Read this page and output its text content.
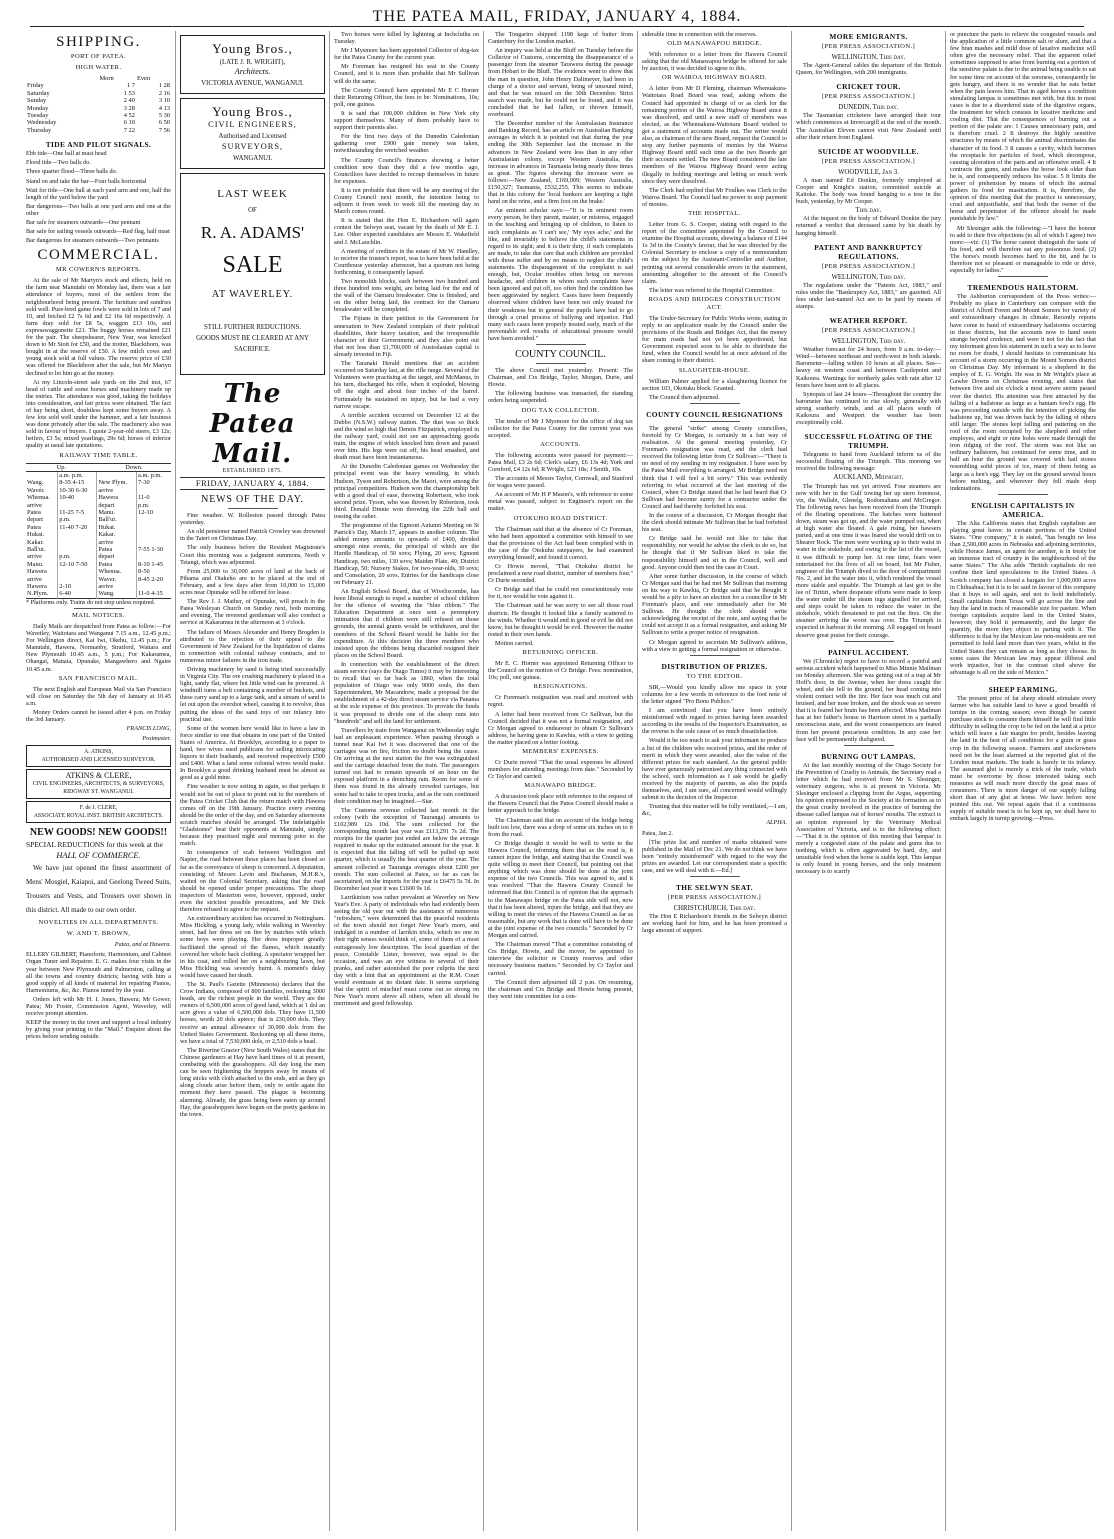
THE PATEA MAIL, FRIDAY, JANUARY 4, 1884.
SHIPPING.
PORT OF PATEA.
HIGH WATER.
	Morn	Even
Friday	1 7	1 28
Saturday	1 53	2 16
Sunday	2 40	3 10
Monday	3 28	4 13
Tuesday	4 52	5 30
Wednesday	6 10	6 50
Thursday	7 22	7 56
TIDE AND PILOT SIGNALS.

Ebb tide—One ball at mast head

Flood tide—Two balls do.

Three quarter flood—Three balls do.

Stand on and take the bar—Four balls horizontal

Wait for tide—One ball at each yard arm and one, half the length of the yard below the yard

Bar dangerous—Two balls at one yard arm and one at the other

Bar safe for steamers outwards—One pennant

Bar safe for sailing vessels outwards—Red flag, half mast

Bar dangerous for steamers outwards—Two pennants

COMMERCIAL.
MR COWERN'S REPORTS.

At the sale of Mr Martyn's stock and effects, held on the farm near Manutahi on Monday last, there was a fair attendance of buyers, most of the settlers from the neighbourhood being present. The furniture and sundries sold well. Pure-bred game fowls were sold in lots of 7 and 10, and fetched £2 7s 6d and £2 16s 6d respectively. A farm dray sold for £8 5s, waggon £13 10s, and expresswaggonette £21. The buggy horses remained £21 for the pair. The sheepshearer, New Year, was knocked down to Mr Stott for £50, and the trotter, Blackthorn, was bought in at the reserve of £50. A few milch cows and young stock sold at full values. The reserve price of £30 was offered for Blackthorn after the sale, but Mr Martyn declined to let him go at the money.

At my Lincoln-street sale yards on the 2nd inst, 67 head of cattle and some horses and machinery made up the entries. The attendance was good, taking the holidays into consideration, and fair prices were obtained. The fact of hay being short, doubtless kept some buyers away. A few lots sold well under the hammer, and a fair business was done privately after the sale. The machinery also was sold in favour of buyers. I quote 2-year-old steers, £3 12s; heifers, £3 5s; mixed yearlings, 29s 6d; horses of inferior quality at usual late quotations.

RAILWAY TIME TABLE.
Up.		Down.	
	a.m. p.m.		a.m. p.m.
Wang.	8-35 4-15	New Plym.	7-30
Wavér.	10-30 6-30	arrive	
Whenua.	10-40	Hawera	11-0
arrive		depart	p.m.
Patea	11-25 7-5	Manu.	12-10
depart	p.m.	Ball'ui.	
Patea	11-40 7-20	Hukat.	
Hukat.		Kakar.	
Kakar.		arrive	
Ball'ui.		Patea	7-55 1-30
arrive	p.m.	depart	
Manu.	12-10 7-50	Patea	8-10 1-45
Hawera		Whenua.	8-50
arrive		Waver.	8-45 2-20
Hawera	2-10	arrive	
N.Plym.	6-40	Wang.	11-0 4-35

* Platforms only. Trains do not stop unless required.

MAIL NOTICES.

Daily Mails are despatched from Patea as follow:—For Wavetley, Waitotara and Wanganui 7.15 a.m., 12.45 p.m.; For Wellington direct, Kai Iwi, Okehu, 12.45 p.m.; For Manutahi, Hawera, Normanby, Stratford, Waitara and New Plymouth 10.45 a.m., 5 p.m.; For Kakaramea, Ohangai, Manaia, Opunake, Mangawhero and Ngaire 10.45 a.m.

SAN FRANCISCO MAIL.

The next English and European Mail via San Francisco will close on Saturday the 5th day of January at 10.45 a.m.

Money Orders cannot be issued after 4 p.m. on Friday the 3rd January.

FRANCIS LONG,
Postmaster.
A. ATKINS,
AUTHORISED AND LICENSED SURVEYOR.
ATKINS & CLERE,
CIVIL ENGINEERS, ARCHITECTS, & SURVEYORS,
RIDGWAY ST. WANGANUI.
F. de J. CLERE,
ASSOCIATE ROYAL INST. BRITISH ARCHITECTS.
NEW GOODS! NEW GOODS!!

SPECIAL REDUCTIONS for this week at the

HALL OF COMMERCE.

We have just opened the finest assortment of Mens' Mosgiel, Kaiapoi, and Geelong Tweed Suits, Trousers and Vests, and Trousers over shown in this district. All made to our own order.

NOVELTIES IN ALL DEPARTMENTS.
W. AND T. BROWN,
Patea, and at Hawera.

ELLERY GILBERT, Pianoforte, Harmonium, and Cabinet Organ Tuner and Repairer. E. G. makes four visits in the year between New Plymouth and Palmerston, calling at all the towns and country districts; having with him a good supply of all kinds of material for repairing Pianos, Harmoniums, &c, &c. Pianos tuned by the year.

Orders left with Mr H. I. Jones, Hawera; Mr Gower, Patea; Mr Foster, Commission Agent, Waverley, will receive prompt attention.

KEEP the money in the town and support a local industry by giving your printing to the "Mail." Enquire about the prices before sending outside.

Young Bros.,
(LATE J. R. WRIGHT),
Architects.
VICTORIA AVENUE, WANGANUI.
Young Bros.,
CIVIL ENGINEERS,
Authorised and Licensed
SURVEYORS,
WANGANUI.
LAST WEEK
OF
R. A. ADAMS'
SALE
AT WAVERLEY.
STILL FURTHER REDUCTIONS.
GOODS MUST BE CLEARED AT ANY
SACRIFICE.
The Patea Mail.
ESTABLISHED 1875.
FRIDAY, JANUARY 4, 1884.
NEWS OF THE DAY.

Fine weather. W. Rolleston passed through Patea yesterday.

An old pensioner named Patrick Crowley was drowned in the Taieri on Christmas Day.

The only business before the Resident Magistrate's Court this morning was a judgment summons, North v Tetangi, which was adjourned.

From 25,000 to 30,000 acres of land at the back of Pihama and Otakeho are to be placed at the end of February, and a few days after from 10,000 to 15,000 acres near Opunake will be offered for lease.

The Rev J. J. Mather, of Opunake, will preach in the Patea Wesleyan Church on Sunday next, both morning and evening. The reverend gentleman will also conduct a service at Kakaramea in the afternoon at 3 o'clock.

The failure of Messrs Alexander and Henry Brogden is attributed to the rejection of their appeal to the Government of New Zealand for the liquidation of claims in connection with colonial railway contracts, and to numerous minor failures in the iron trade.

Driving machinery by sand is being tried successfully in Virginia City. The ore crushing machinery is placed in a light, sandy flat, where hot little wind can be procured. A windmill turns a belt containing a number of buckets, and these carry sand up to a large tank, and a stream of sand is let out upon the overshot wheel, causing it to revolve, thus putting the ideas of the sand toys of our infancy into practical use.

Some of the women here would like to have a law in force similar to one that obtains in one part of the United States of America. At Brooklyn, according to a paper to hand, two wives sued publicans for selling intoxicating liquors to their husbands, and received respectively £500 and £400. What a land some colonial wives would make. In Brooklyn a good drinking husband must be almost as good as a gold mine.

Fine weather is now setting in again, so that perhaps it would not be out of place to point out to the members of the Patea Cricket Club that the return match with Hawera comes off on the 19th January. Practice every evening should be the order of the day, and on Saturday afternoons scratch matches should be arranged. The indefatigable "Gladstones" beat their opponents at Manutahi, simply because they practised night and morning prior to the match.

In consequence of scab between Wellington and Napier, the road between those places has been closed so far as the conveyance of sheep is concerned. A deputation, consisting of Messrs Levin and Buchanan, M.H.R.'s, waited on the Colonial Secretary, asking that the road should be opened under proper precautions. The sheep inspectors of Masterton were, however, opposed, under even the strictest possible precautions, and Mr Dick therefore refused to agree to the request.

An extraordinary accident has occurred in Nottingham. Miss Hickling, a young lady, while walking in Waverley street, had her dress set on fire by matches with which some boys were playing. Her dress improper greatly facilitated the spread of the flames, which instantly covered her whole back clothing. A spectator wrapped her in his coat, and rolled her on a neighbouring lawn, but Miss Hickling was severely burnt. A moment's delay would have caused her death.

The St. Paul's Gazette (Minnesota) declares that the Crow Indians, composed of 800 families, reckoning 3000 heads, are the richest people in the world. They are the owners of 6,500,000 acres of good land, which at 1 dol an acre gives a value of 6,500,000 dols. They have 11,500 horses, worth 20 dols apiece; that is 230,000 dols. They receive an annual allowance of 30,000 dols from the United States Government. Reckoning up all these items, we have a total of 7,530,000 dols, or 2,510 dols a head.

The Riverine Grazier (New South Wales) states that the Chinese gardeners at Hay have hard times of it at present, combating with the grasshoppers. All day long the men can be seen frightening the hoppers away by means of long sticks with cloth attached to the ends, and as they go along clouds arise before them, only to settle again the moment they have passed. The plague is becoming alarming. Already, the grass being been eaten up around Hay, the grasshoppers have begun on the pretty gardens in the town.

Two horses were killed by lightning at Inchclutha on Tuesday.

Mr J Mysmore has been appointed Collector of dog-tax for the Patea County for the current year.

Mr Foreman has resigned his seat in the County Council, and it is more than probable that Mr Sullivan will do the same.

The County Council have appointed Mr E C Horner their Returning Officer, the fees to be: Nominations, 10s; poll, one guinea.

It is said that 100,000 children in New York city support themselves. Many of them probably have to support their parents also.

For the first two days of the Dunedin Caledonian gathering over £900 gate money was taken, notwithstanding the wretched weather.

The County Council's finances showing a better condition now than they did a few months ago, Councillors have decided to recoup themselves in future for expenses.

It is not probable that there will be any meeting of the County Council next month, the intention being to adjourn it from week to week till the meeting day in March comes round.

It is stated that the Hon E. Richardson will again contest the Selwyn seat, vacant by the death of Mr E. J. Lee. Other expected candidates are Messrs E. Wakefield and J. McLauchlin.

A meeting of creditors in the estate of Mr W. Handley, to receive the trustee's report, was to have been held at the Courthouse yesterday afternoon, but a quorum not being forthcoming, it consequently lapsed.

Two monolith blocks, each between two hundred and three hundred tons weight, are being laid for the end of the wall of the Oamaru breakwater. One is finished, and on the other being laid, the contract for the Oamaru breakwater will be completed.

The Fijians in their petition to the Government for annexation to New Zealand complain of their political disabilities, their heavy taxation, and the irresponsible character of their Government; and they also point out that not less than £1,700,000 of Australasian capital is already invested in Fiji.

The Taranaki Herald mentions that an accident occurred on Saturday last, at the rifle range. Several of the Volunteers were practising at the target, and McManus, in his turn, discharged his rifle, when it exploded, blowing off the sight and about four inches of the barrel. Fortunately he sustained no injury, but he had a very narrow escape.

A terrible accident occurred on December 12 at the Dubbo (N.S.W.) railway station. The dust was so thick and the wind so high that Dennis Fitzpatrick, employed in the railway yard, could not see an approaching goods train, the engine of which knocked him down and passed over him. His legs were cut off, his head smashed, and death must have been instantaneous.

At the Dunedin Caledonian games on Wednesday the principal event was the heavy wrestling, in which Hudson, Tyson and Robertson, the Maori, were among the principal competitors. Hudson won the championship belt with a good deal of ease, throwing Robertson, who took second prize. Tyson, who was thrown by Robertson, took third. Donald Dinnie won throwing the 22lb ball and tossing the caber.

The programme of the Egmont Autumn Meeting on St Patrick's Day, March 17, appears in another column. The added money amounts to upwards of £400, divided amongst nine events, the principal of which are the Hurdle Handicap, of 50 sovs; Flying, 20 sovs; Egmont Handicap, two miles, 130 sovs; Maiden Plate, 40; District Handicap, 50; Nursery Stakes, for two-year-olds, 30 sovs; and Consolation, 20 sovs. Entries for the handicaps close on February 21.

An English School Board, that of Wiveliscombe, has been liberal enough to expel a number of school children for the offence of wearing the "blue ribbon." The Education Department at once sent a peremptory intimation that if children were still refused on those grounds, the annual grants would be withdrawn, and the members of the School Board would be liable for the expenditure. At this decision the three members who insisted upon the ribbons being discarded resigned their places on the School Board.

In connection with the establishment of the direct steam service (says the Otago Times) it may be interesting to recall that so far back as 1860, when the total population of Otago was only 9000 souls, the then Superintendent, Mr Macandrew, made a proposal for the establishment of a 42-day direct steam service via Panama at the sole expense of this province. To provide the funds it was proposed to divide one of the sheep runs into "hundreds" and sell the land for settlement.

Travellers by train from Wanganui on Wednesday night had an unpleasant experience. When passing through a tunnel near Kai Iwi it was discovered that one of the carriages was on fire, friction no doubt being the cause. On arriving at the next station the fire was extinguished and the carriage detached from the train. The passengers turned out had to remain upwards of an hour on the exposed platform in a drenching rain. Room for some of them was found in the already crowded carriages, but some had to take to open trucks, and as the rain continued their condition may be imagined.—Star.

The Customs revenue collected last month in the colony (with the exception of Tauranga) amounts to £102,989 12s 10d. The sum collected for the corresponding month last year was £113,291 7s 2d. The receipts for the quarter just ended are below the average required to make up the estimated amount for the year. It is expected that the falling off will be pulled up next quarter, which is usually the best quarter of the year. The amount collected at Tauranga averages about £200 per month. The sum collected at Patea, so far as can be ascertained, on the imports for the year is £6475 5s 7d. In December last year it was £1600 9s 1d.

Larrikinism was rather prevalent at Waverley on New Year's Eve. A party of individuals who had evidently been seeing the old year out with the assistance of numerous "refreshers," were determined that the peaceful residents of the town should not forget New Year's morn, and indulged in a number of larrikin tricks, which no one in their right senses would think of, some of them of a most outrageously low description. The local guardian of the peace, Constable Lister, however, was equal to the occasion, and was an eye witness to several of their pranks, and rather astonished the poor culprits the next day with a hint that an appointment at the R.M. Court would eventuate at no distant date. It seems surprising that the spirit of mischief must come out so strong on New Year's morn above all others, when all should be merriment and good fellowship.

The Tongariro shipped 1198 kegs of butter from Canterbury for the London market.

An inquiry was held at the Bluff on Tuesday before the Collector of Customs, concerning the disappearance of a passenger from the steamer Tarawera during the passage from Hobart to the Bluff. The evidence went to show that the man in question, John Henry Dalimeyer, had been in charge of a doctor and servant, being of unsound mind, and that he was missed on the 30th December. Strict search was made, but he could not be found, and it was concluded that he had fallen, or thrown himself, overboard.

The December number of the Australasian Insurance and Banking Record, has an article on Australian Banking averages in which it is pointed out that during the year ending the 30th September last the increase in the advances in New Zealand were less than in any other Australasian colony, except Western Australia, the increase in advances in Tasmania being nearly three times as great. The figures showing the increase were as follows:—New Zealand, £169,009; Western Australia, £150,327; Tasmania, £532,255. This seems to indicate that in this colony the 'local bankers are keeping a tight hand on the reins, and a firm foot on the brake.'

An eminent scholar says:—"It is in eminent room every person, be they parent, master, or mistress, engaged in the teaching and bringing up of children, to listen to such complaints as 'I can't see,' 'My eyes ache,' and the like, and invariably to believe the child's statements in regard to its sight; and it is their duty, if such complaints are made, to take due care that such children are provided with those suffer and by no means to neglect the child's statements. The disparagement of the complaint is sad enough, but, Ocular troubles often bring on nervous headache, and children in whom such complaints have been ignored and put off, too often find the condition has been aggravated by neglect. Cases have been frequently observed where children have been not only treated for their weakness but in general the pupils have had to go through a cruel process of bullying and injustice. Had many such cases been properly treated early, much of the preventable evil results of educational pressure would have been avoided."

COUNTY COUNCIL.

The above Council met yesterday. Present: The Chairman, and Crs Bridge, Taylor, Morgan, Durie, and Howie.

The following business was transacted, the standing orders being suspended.

DOG TAX COLLECTOR.

The tender of Mr J Mysmore for the office of dog tax collector for the Patea County for the current year was accepted.

ACCOUNTS.

The following accounts were passed for payment:—Patea Mail, £3 2s 6d; Clerk's salary, £6 13s 4d; York and Cornford, £4 12s 6d; R Wright, £23 18s; J Smith, 10s.

The accounts of Messrs Taylor, Cornwall, and Stanford for wages were passed.

An account of Mr H P Mason's, with reference to some metal was passed, subject to Engineer's report on the matter.

OTOKUHO ROAD DISTRICT.

The Chairman said that at the absence of Cr Foreman, who had been appointed a committee with himself to see that the provisions of the Act had been complied with in the case of the Otokuhu ratepayers, he had examined everything himself, and found it correct.

Cr Howie moved, "That Otokuhu district be proclaimed a new road district, number of members four." Cr Durie seconded.

Cr Bridge said that he could not conscientiously vote for it, nor would he vote against it.

The Chairman said he was sorry to see all those road districts. He thought it looked like a family scattered to the winds. Whether it would end in good or evil he did not know, but he thought it would be evil. However the matter rested in their own hands.

Motion carried.

RETURNING OFFICER.

Mr E. C. Horner was appointed Returning Officer to the Council on the motion of Cr Bridge. Fees: nomination, 10s; poll, one guinea.

RESIGNATIONS.

Cr Foreman's resignation was read and received with regret.

A letter had been received from Cr Sullivan, but the Council decided that it was not a formal resignation, and Cr Morgan agreed to endeavour to obtain Cr Sullivan's address, he having gone to Kawhia, with a view to getting the matter placed on a better footing.

MEMBERS' EXPENSES.

Cr Durie moved "That the usual expenses be allowed members for attending meetings from date." Seconded by Cr Taylor and carried.

MANAWAPO BRIDGE.

A discussion took place with reference to the request of the Hawera Council that the Patea Council should make a better approach to the bridge.

The Chairman said that on account of the bridge being built too low, there was a drop of some six inches on to it from the road.

Cr Bridge thought it would be well to write to the Hawera Council, informing them that as the road is, it cannot injure the bridge, and stating that the Council was quite willing to meet their Council, but pointing out that anything which was done should be done at the joint expense of the two Councils. This was agreed to, and it was resolved "That the Hawera County Council be informed that this Council is of opinion that the approach to the Manawapo bridge on the Patea side will not, now that it has been altered, injure the bridge, and that they are willing to meet the views of the Hawera Council as far as reasonable, but any work that is done will have to be done at the joint expense of the two councils." Seconded by Cr Morgan and carried.

The Chairman moved "That a committee consisting of Crs Bridge, Howie, and the mover, be appointed to interview the solicitor re County reserves and other necessary business matters." Seconded by Cr Taylor and carried.

The Council then adjourned till 2 p.m. On resuming, the chairman and Crs Bridge and Howie being present, they went into committee for a con-

siderable time in connection with the reserves.

OLD MANAWAPOU BRIDGE.

With reference to a letter from the Hawera Council asking that the old Manawapou bridge be offered for sale by auction, it was decided to agree to this.

OR WAIROA HIGHWAY BOARD.

A letter from Mr D Fleming, chairman Whenuakura-Waitotara Road Board was read, asking whom the Council had appointed in charge of or as clerk for the remaining portion of the Wairoa Highway Board since it was dissolved, and until a new staff of members was elected, as the Whenuakura-Waitotara Board wished to get a statement of accounts made out. The writer would also, as chairman of the new Board, request the Council to stop any further payments of monies by the Wairoa Highway Board until such time as the two Boards get their accounts settled. The new Board considered the late members of the Wairoa Highway Board were acting illegally in holding meetings and letting so much work since they were dissolved.

The Clerk had replied that Mr Foulkes was Clerk to the Wairoa Board. The Council had no power to stop payment of monies.

THE HOSPITAL.

Letter from G. S. Cooper, stating with regard to the report of the committee appointed by the Council to examine the Hospital accounts, shewing a balance of £144 1s 3d in the County's favour, that he was directed by the Colonial Secretary to enclose a copy of a memorandum on the subject by the Assistant-Controller and Auditor, pointing out several considerable errors in the statement, amounting altogether to the amount of the Council's claim.

The letter was referred to the Hospital Committee.

ROADS AND BRIDGES CONSTRUCTION ACT.

The Under-Secretary for Public Works wrote, stating in reply to an application made by the Council under the provisions of the Roads and Bridges Act, that the money for main roads had not yet been apportioned, but Government expected soon to be able to distribute the fund, when the Council would be at once advised of the share coming to their district.

SLAUGHTER-HOUSE.

William Palmer applied for a slaughtering licence for section 103, Okotuku block. Granted.

The Council then adjourned.

COUNTY COUNCIL RESIGNATIONS

The general "strike" among County councillors, foretold by Cr Morgan, is certainly in a fair way of realisation. At the general meeting yesterday, Cr Foreman's resignation was read, and the clerk had received the following letter from Cr Sullivan:—"There is no need of my sending in my resignation. I have seen by the Patea Mail everything is arranged. Mr Bridge need not think that I will feel a bit sorry." This was evidently referring to what occurred at the last meeting of the Council, when Cr Bridge stated that he had heard that Cr Sullivan had become surety for a contractor under the Council and had thereby forfeited his seat.

In the course of a discussion, Cr Morgan thought that the clerk should intimate Mr Sullivan that he had forfeited his seat.

Cr Bridge said he would not like to take that responsibility, nor would he advise the clerk to do so, but he thought that if Mr Sullivan liked to take the responsibility himself and sit in the Council, well and good. Anyone could then test the case in Court.

After some further discussion, in the course of which Cr Morgan said that he had met Mr Sullivan that morning on his way to Kawhia, Cr Bridge said that he thought it would be a pity to have an election for a councillor in Mr Foreman's place, and one immediately after for Mr Sullivan. He thought the clerk should write acknowledging the receipt of the note, and saying that he could not accept it as a formal resignation, and asking Mr Sullivan to write a proper notice of resignation.

Cr Morgan agreed to ascertain Mr Sullivan's address, with a view to getting a formal resignation or otherwise.

DISTRIBUTION OF PRIZES.
TO THE EDITOR.

SIR,—Would you kindly allow me space in your columns for a few words in reference to the foot note of the letter signed "Pro Bono Publico."

I am convinced that you have been entirely misinformed with regard to prizes having been awarded according to the results of the Inspector's Examination, as the reverse is the sole cause of so much dissatisfaction.

Would it be too much to ask your informant to produce a list of the children who received prizes, and the order of merit in which they were awarded, also the value of the different prizes for each standard. As the general public have ever generously patronised any thing connected with the school, such information as I ask would be gladly received by the majority of parents, as also the pupils themselves, and, I am sure, all concerned would willingly submit to the decision of the Inspector.

Trusting that this matter will be fully ventilated,—I am, &c,

ALPHA.

Patea, Jan 2.

[The prize list and number of marks obtained were published in the Mail of Dec 21. We do not think we have been "entirely misinformed" with regard to the way the prizes are awarded. Let our correspondent state a specific case, and we will deal with it.—Ed.]

THE SELWYN SEAT.
[PER PRESS ASSOCIATION.]
CHRISTCHURCH, This day.

The Hon E Richardson's friends in the Selwyn district are working hard for him, and he has been promised a large amount of support.

MORE EMIGRANTS.
[PER PRESS ASSOCIATION.]
WELLINGTON, This day.

The Agent-General cables the departure of the British Queen, for Wellington, with 200 immigrants.

CRICKET TOUR.
[PER PRESS ASSOCIATION.]
DUNEDIN, This day.

The Tasmanian cricketers have arranged their tour which commences at Invercargill at the end of the month. The Australian Eleven cannot visit New Zealand until after their return from England.

SUICIDE AT WOODVILLE.
[PER PRESS ASSOCIATION.]
WOODVILLE, Jan 3.

A man named Ed Donkin, formerly employed at Cooper and Knight's station, committed suicide at Kaitoke. The body was found hanging to a tree in the bush, yesterday, by Mr Cooper.

This day.

At the inquest on the body of Edward Donkin the jury returned a verdict that deceased came by his death by hanging himself.

PATENT AND BANKRUPTCY REGULATIONS.
[PER PRESS ASSOCIATION.]
WELLINGTON, This day.

The regulations under the "Patents Act, 1883," and rules under the "Bankruptcy Act, 1883," are gazetted. All fees under last-named Act are to be paid by means of stamps.

WEATHER REPORT.
[PER PRESS ASSOCIATION.]
WELLINGTON, This day.

Weather forecast for 24 hours, from 9 a.m. to-day:—Wind—between northeast and north-west in both islands. Barometer—falling within 10 hours at all places. Sea—heavy on western coast and between Castlepoint and Kaikoura. Warnings for northerly gales with rain after 12 hours have been sent to all places.

Synopsis of last 24 hours—Throughout the country the barometer has continued to rise slowly, generally with strong southerly winds, and at all places south of Kaikoura and Westport the weather has been exceptionally cold.

SUCCESSFUL FLOATING OF THE TRIUMPH.

Telegrams to hand from Auckland inform us of the successful floating of the Triumph. This morning we received the following message:

AUCKLAND, Midnight.

The Triumph has not yet arrived. Four steamers are now with her in the Gulf towing her up stern foremost, viz, the Wallabi, Glenelg, Rodomahana and McGregor. The following news has been received from the Triumph of the floating operations. The hatches were battened down, steam was got up, and the water pumped out, when at high water she floated. A gale rising, her hawsers parted, and at one time it was feared she would drift on to Shearer Rock. The men were working up to their waist in water in the stokehole, and owing to the list of the vessel, it was difficult to pump her. At one time, fears were entertained for the lives of all on board, but Mr Fisher, engineer of the Triumph dived to the door of compartment No. 2, and let the water into it, which rendered the vessel more stable and equable. The Triumph at last got to the lee of Tiritiri, where desperate efforts were made to keep the water under till the steam tugs signalled for arrived, and steps could be taken to reduce the water in the stokehole, which threatened to put out the fires. On the steamer arriving the worst was over. The Triumph is expected in harbour in the morning. All engaged on board deserve great praise for their courage.

PAINFUL ACCIDENT.

We (Chronicle) regret to have to record a painful and serious accident which happened to Miss Minnie Mailman on Monday afternoon. She was getting out of a trap at Mr Hoff's door, in the Avenue, when her dress caught the wheel, and she fell to the ground, her head coming into violent contact with the tire. Her face was much cut and bruised, and her nose broken, and the shock was so severe that it is feared her brain has been affected. Miss Mailman has at her father's house in Harrison street in a partially unconscious state, and the worst consequences are feared from her present precarious condition. In any case her face will be permanently disfigured.

BURNING OUT LAMPAS.

At the last monthly meeting of the Otago Society for the Prevention of Cruelty to Animals, the Secretary read a letter which he had received from Mr S. Slesinger, veterinary surgeon, who is at present in Victoria. Mr Slesinger enclosed a clipping from the Argus, supporting his opinion expressed to the Society at its formation as to the great cruelty involved in the practice of burning the disease called lampas out of horses' mouths. The extract is an opinion expressed by the Veterinary Medical Association of Victoria, and is to the following effect:—"That it is the opinion of this meeting that 'lampas' is merely a congested state of the palate and gums due to teething, which is often aggravated by hard, dry, and unsuitable food when the horse is stable kept. This lampas is only found in young horses, and the only treatment necessary is to scarify

or puncture the parts to relieve the congested vessels and the application of a little common salt or alum, and that a few bran mashes and mild dose of laxative medicine will often give the necessary relief. That the apparent relief sometimes supposed to arise from burning out a portion of the sensitive palate is due to the animal being unable to eat for some time on account of the soreness, consequently he gets hungry, and there is no wonder that he eats better when the pain leaves him. That in aged horses a condition simulating lampas is sometimes met with, but this in most cases is due to a disordered state of the digestive organs, the treatment for which consists in laxative medicine and cooling diet. That the consequences of burning out a portion of the palate are: 1 Causes unnecessary pain, and is therefore cruel. 2 It destroys the highly sensitive structures by means of which the animal discriminates the character of its food. 3 It causes a cavity, which becomes the receptacle for particles of food, which decompose, causing ulceration of the parts and an offensive smell. 4 It contracts the gums, and makes the horse look older than he is, and consequently reduces his value. 5 It limits the power of prehension by means of which the animal gathers its food for mastication. It is, therefore, the opinion of this meeting that the practice is unnecessary, cruel and unjustifiable, and that both the owner of the horse and perpetrator of the offence should be made punishable by law."

Mr Slesinger adds the following:—"I have the honour to add to their five objections (to all of which I agree) two more:—viz: (1) The horse cannot distinguish the taste of his food, and will therefore eat any poisonous food. (2) The horse's mouth becomes hard to the bit, and he is therefore not so pleasant or manageable to ride or drive, especially for ladies."

TREMENDOUS HAILSTORM.

The Ashburton correspondent of the Press writes:—Probably no place in Canterbury can compare with the district of Alford Forest and Mount Somers for variety of and extraordinary changes in climate. Recently reports have come to hand of extraordinary hailstorms occurring in these districts, but the accounts now to hand seem strange beyond credence, and were it not for the fact that my informant gives his statement in such a way as to leave no room for doubt, I should hesitate to communicate his account of a storm occurring in the Mount Somers district on Christmas Day. My informant is a shepherd in the employ of E. G. Wright. He was in Mr Wright's place at Gawler Downs on Christmas evening, and states that between five and six o'clock a most severe storm passed over the district. His attention was first attracted by the falling of a hailstone as large as a bantam fowl's egg. He was proceeding outside with the intention of picking the hailstone up, but was driven back by the falling of others still larger. The stones kept falling and pattering on the roof of the room occupied by the shepherd and other employes, and eight or nine holes were made through the iron ridging of the roof. The storm was not like an ordinary hailstorm, but continued for some time, and in half an hour the ground was covered with hail stones resembling solid pieces of ice, many of them being as large as a hen's egg. They lay on the ground several hours before melting, and wherever they fell made deep indentations.

ENGLISH CAPITALISTS IN AMERICA.

The Alta California states that English capitalists are playing great havoc in certain portions of the United States. "One company," it is stated, "has bought no less than 2,500,000 acres in Nebraska and adjoining territories, while Horace James, an agent for another, is in treaty for an immense tract of country in the neighbourhood of the same States." The Alta adds "British capitalists do not confine their land speculations to the United States. A Scotch company has closed a bargain for 1,000,000 acres in Chihuahua; but it is to be said in favour of this company that it buys to sell again, and not to hold indefinitely. Small capitalists from Texas will go across the line and buy the land in tracts of reasonable size for pasture. When foreign capitalists acquire land in the United States, however, they hold it permanently, and the larger the quantity, the more they object to parting with it. The difference is that by the Mexican law non-residents are not permitted to hold land more than two years, whilst in the United States they can remain as long as they choose. In some cases the Mexican law may appear illiberal and work injustice, but in the contrast cited above the advantage is all on the side of Mexico."

SHEEP FARMING.

The present price of fat sheep should stimulate every farmer who has suitable land to have a good breadth of turnips in the coming season; even though he cannot purchase stock to consume them himself he will find little difficulty in selling the crop to be fed on the land at a price which will leave a fair margin for profit, besides leaving the land in the best of all conditions for a grain or grass crop in the following season. Farmers and stockowners need not be the least alarmed at the reported glut of the London meat markets. The trade is barely in its infancy. The assumed glut is merely a trick of the trade, which must be overcome by those interested taking such measures as will reach more directly the great mass of consumers. There is more danger of our supply falling short than of any glut at home. We have before now pointed this out. We repeat again that if a continuous supply of suitable meat is to be kept up, we shall have to embark largely in turnip growing.—Press.
